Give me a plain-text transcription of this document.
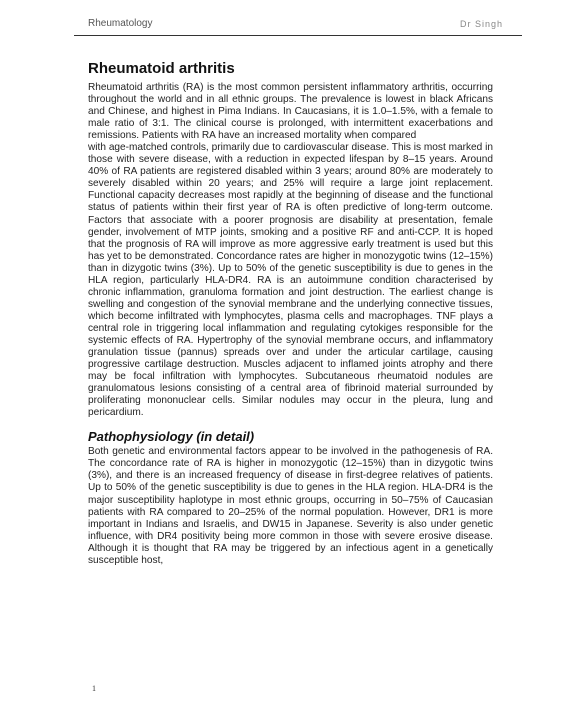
Rheumatology	Dr Singh
Rheumatoid arthritis

Rheumatoid arthritis (RA) is the most common persistent inflammatory arthritis, occurring throughout the world and in all ethnic groups. The prevalence is lowest in black Africans and Chinese, and highest in Pima Indians. In Caucasians, it is 1.0–1.5%, with a female to male ratio of 3:1. The clinical course is prolonged, with intermittent exacerbations and remissions. Patients with RA have an increased mortality when compared

with age-matched controls, primarily due to cardiovascular disease. This is most marked in those with severe disease, with a reduction in expected lifespan by 8–15 years. Around 40% of RA patients are registered disabled within 3 years; around 80% are moderately to severely disabled within 20 years; and 25% will require a large joint replacement. Functional capacity decreases most rapidly at the beginning of disease and the functional status of patients within their first year of RA is often predictive of long-term outcome. Factors that associate with a poorer prognosis are disability at presentation, female gender, involvement of MTP joints, smoking and a positive RF and anti-CCP. It is hoped that the prognosis of RA will improve as more aggressive early treatment is used but this has yet to be demonstrated. Concordance rates are higher in monozygotic twins (12–15%) than in dizygotic twins (3%). Up to 50% of the genetic susceptibility is due to genes in the HLA region, particularly HLA-DR4. RA is an autoimmune condition characterised by chronic inflammation, granuloma formation and joint destruction. The earliest change is swelling and congestion of the synovial membrane and the underlying connective tissues, which become infiltrated with lymphocytes, plasma cells and macrophages. TNF plays a central role in triggering local inflammation and regulating cytokiges responsible for the systemic effects of RA. Hypertrophy of the synovial membrane occurs, and inflammatory granulation tissue (pannus) spreads over and under the articular cartilage, causing progressive cartilage destruction. Muscles adjacent to inflamed joints atrophy and there may be focal infiltration with lymphocytes. Subcutaneous rheumatoid nodules are granulomatous lesions consisting of a central area of fibrinoid material surrounded by proliferating mononuclear cells. Similar nodules may occur in the pleura, lung and pericardium.

Pathophysiology (in detail)

Both genetic and environmental factors appear to be involved in the pathogenesis of RA. The concordance rate of RA is higher in monozygotic (12–15%) than in dizygotic twins (3%), and there is an increased frequency of disease in first-degree relatives of patients. Up to 50% of the genetic susceptibility is due to genes in the HLA region. HLA-DR4 is the major susceptibility haplotype in most ethnic groups, occurring in 50–75% of Caucasian patients with RA compared to 20–25% of the normal population. However, DR1 is more important in Indians and Israelis, and DW15 in Japanese. Severity is also under genetic influence, with DR4 positivity being more common in those with severe erosive disease. Although it is thought that RA may be triggered by an infectious agent in a genetically susceptible host,

1
